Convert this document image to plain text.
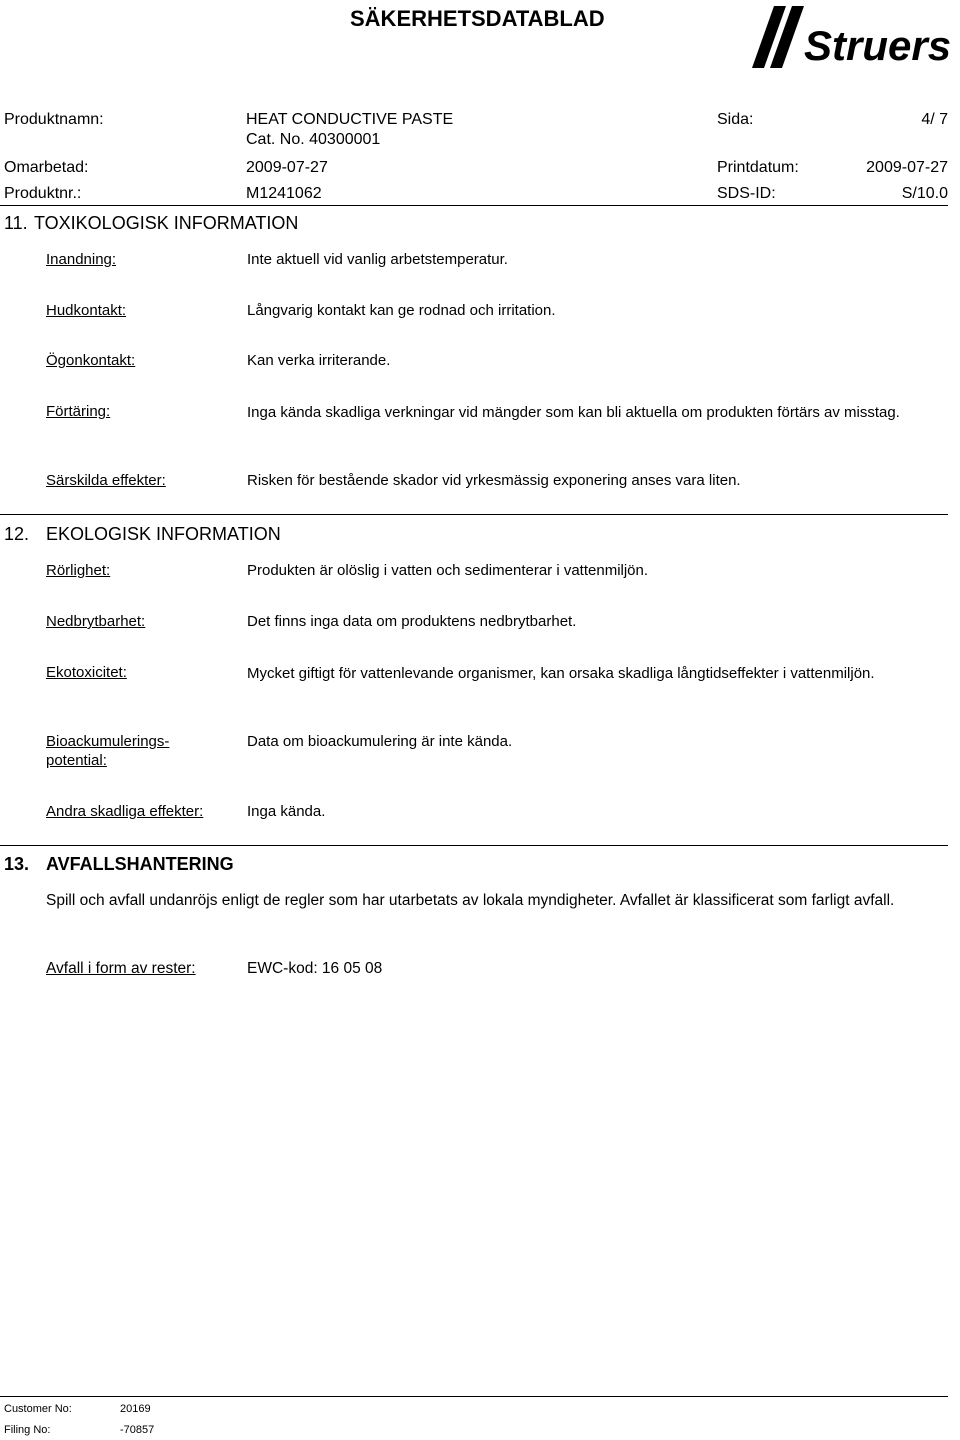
SÄKERHETSDATABLAD
Struers
Produktnamn:	HEAT CONDUCTIVE PASTE
Cat. No. 40300001
Sida:	4/ 7
Omarbetad:	2009-07-27	Printdatum:	2009-07-27
Produktnr.:	M1241062	SDS-ID:	S/10.0
11. TOXIKOLOGISK INFORMATION
Inandning:	Inte aktuell vid vanlig arbetstemperatur.
Hudkontakt:	Långvarig kontakt kan ge rodnad och irritation.
Ögonkontakt:	Kan verka irriterande.
Förtäring:	Inga kända skadliga verkningar vid mängder som kan bli aktuella om produkten förtärs av misstag.
Särskilda effekter:	Risken för bestående skador vid yrkesmässig exponering anses vara liten.
12. EKOLOGISK INFORMATION
Rörlighet:	Produkten är olöslig i vatten och sedimenterar i vattenmiljön.
Nedbrytbarhet:	Det finns inga data om produktens nedbrytbarhet.
Ekotoxicitet:	Mycket giftigt för vattenlevande organismer, kan orsaka skadliga långtidseffekter i vattenmiljön.
Bioackumulerings-
potential:
Data om bioackumulering är inte kända.
Andra skadliga effekter:	Inga kända.
13. AVFALLSHANTERING
Spill och avfall undanröjs enligt de regler som har utarbetats av lokala myndigheter. Avfallet är klassificerat som farligt avfall.
Avfall i form av rester:	EWC-kod: 16 05 08
Customer No:	20169
Filing No:	-70857
